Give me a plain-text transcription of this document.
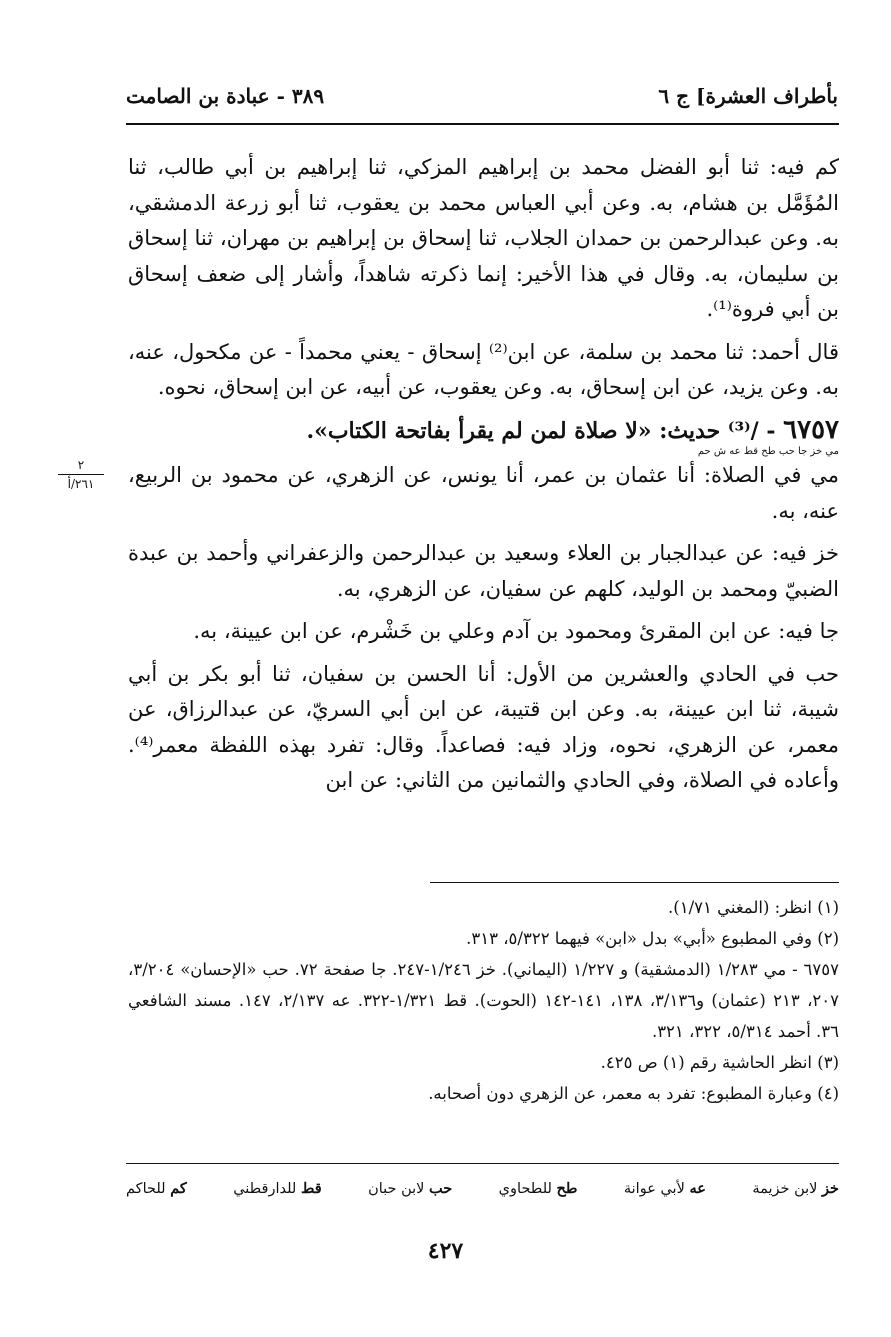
بأطراف العشرة] ج ٦
٣٨٩ - عبادة بن الصامت
٢
٢٦١/أ

كم فيه: ثنا أبو الفضل محمد بن إبراهيم المزكي، ثنا إبراهيم بن أبي طالب، ثنا المُؤَمَّل بن هشام، به. وعن أبي العباس محمد بن يعقوب، ثنا أبو زرعة الدمشقي، به. وعن عبدالرحمن بن حمدان الجلاب، ثنا إسحاق بن إبراهيم بن مهران، ثنا إسحاق بن سليمان، به. وقال في هذا الأخير: إنما ذكرته شاهداً، وأشار إلى ضعف إسحاق بن أبي فروة⁽¹⁾.

قال أحمد: ثنا محمد بن سلمة، عن ابن⁽²⁾ إسحاق - يعني محمداً - عن مكحول، عنه، به. وعن يزيد، عن ابن إسحاق، به. وعن يعقوب، عن أبيه، عن ابن إسحاق، نحوه.

٦٧٥٧ - /⁽³⁾ حديث: «لا صلاة لمن لم يقرأ بفاتحة الكتاب».

مي خز جا حب طح قط عه ش حم

مي في الصلاة: أنا عثمان بن عمر، أنا يونس، عن الزهري، عن محمود بن الربيع، عنه، به.

خز فيه: عن عبدالجبار بن العلاء وسعيد بن عبدالرحمن والزعفراني وأحمد بن عبدة الضبيّ ومحمد بن الوليد، كلهم عن سفيان، عن الزهري، به.

جا فيه: عن ابن المقرئ ومحمود بن آدم وعلي بن خَشْرم، عن ابن عيينة، به.

حب في الحادي والعشرين من الأول: أنا الحسن بن سفيان، ثنا أبو بكر بن أبي شيبة، ثنا ابن عيينة، به. وعن ابن قتيبة، عن ابن أبي السريّ، عن عبدالرزاق، عن معمر، عن الزهري، نحوه، وزاد فيه: فصاعداً. وقال: تفرد بهذه اللفظة معمر⁽⁴⁾. وأعاده في الصلاة، وفي الحادي والثمانين من الثاني: عن ابن

(١) انظر: (المغني ١/٧١).

(٢) وفي المطبوع «أبي» بدل «ابن» فيهما ٥/٣٢٢، ٣١٣.

٦٧٥٧ - مي ١/٢٨٣ (الدمشقية) و ١/٢٢٧ (اليماني). خز ١/٢٤٦-٢٤٧. جا صفحة ٧٢. حب «الإحسان» ٣/٢٠٤، ٢٠٧، ٢١٣ (عثمان) و٣/١٣٦، ١٣٨، ١٤١-١٤٢ (الحوت). قط ١/٣٢١-٣٢٢. عه ٢/١٣٧، ١٤٧. مسند الشافعي ٣٦. أحمد ٥/٣١٤، ٣٢٢، ٣٢١.

(٣) انظر الحاشية رقم (١) ص ٤٢٥.

(٤) وعبارة المطبوع: تفرد به معمر، عن الزهري دون أصحابه.

خز لابن خزيمة
عه لأبي عوانة
طح للطحاوي
حب لابن حبان
قط للدارقطني
كم للحاكم
٤٢٧
